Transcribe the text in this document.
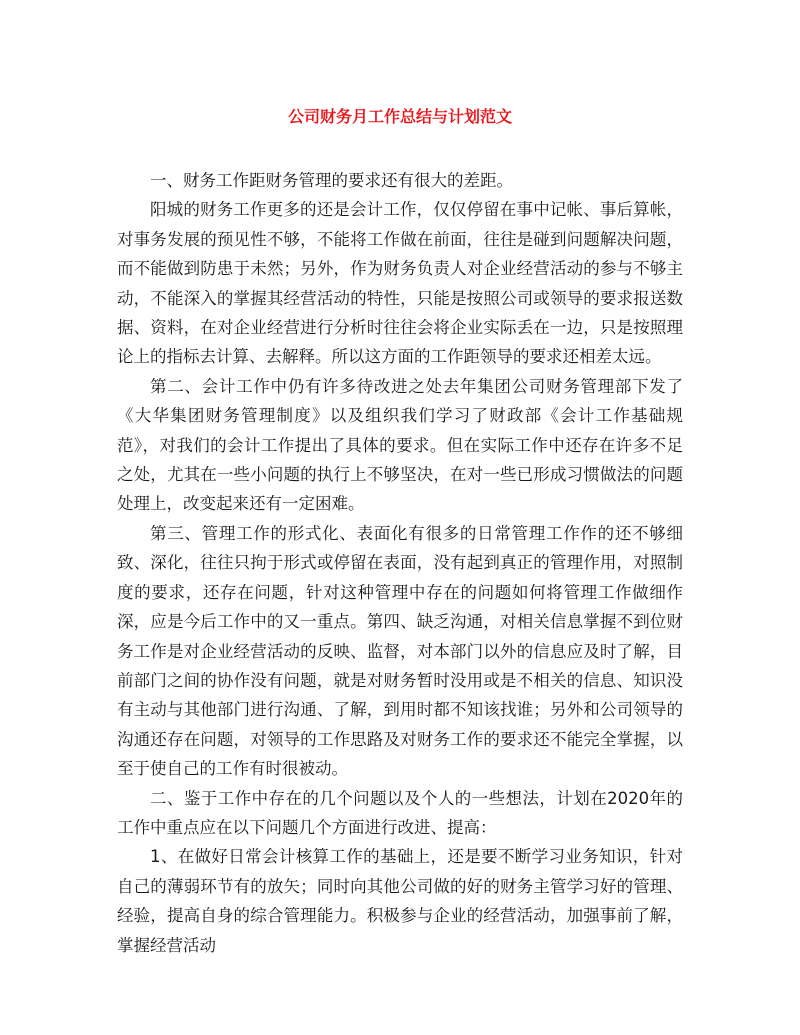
公司财务月工作总结与计划范文

一、财务工作距财务管理的要求还有很大的差距。

阳城的财务工作更多的还是会计工作，仅仅停留在事中记帐、事后算帐，对事务发展的预见性不够，不能将工作做在前面，往往是碰到问题解决问题，而不能做到防患于未然；另外，作为财务负责人对企业经营活动的参与不够主动，不能深入的掌握其经营活动的特性，只能是按照公司或领导的要求报送数据、资料，在对企业经营进行分析时往往会将企业实际丢在一边，只是按照理论上的指标去计算、去解释。所以这方面的工作距领导的要求还相差太远。

第二、会计工作中仍有许多待改进之处去年集团公司财务管理部下发了《大华集团财务管理制度》以及组织我们学习了财政部《会计工作基础规范》，对我们的会计工作提出了具体的要求。但在实际工作中还存在许多不足之处，尤其在一些小问题的执行上不够坚决，在对一些已形成习惯做法的问题处理上，改变起来还有一定困难。

第三、管理工作的形式化、表面化有很多的日常管理工作作的还不够细致、深化，往往只拘于形式或停留在表面，没有起到真正的管理作用，对照制度的要求，还存在问题，针对这种管理中存在的问题如何将管理工作做细作深，应是今后工作中的又一重点。第四、缺乏沟通，对相关信息掌握不到位财务工作是对企业经营活动的反映、监督，对本部门以外的信息应及时了解，目前部门之间的协作没有问题，就是对财务暂时没用或是不相关的信息、知识没有主动与其他部门进行沟通、了解，到用时都不知该找谁；另外和公司领导的沟通还存在问题，对领导的工作思路及对财务工作的要求还不能完全掌握，以至于使自己的工作有时很被动。

二、鉴于工作中存在的几个问题以及个人的一些想法，计划在2020年的工作中重点应在以下问题几个方面进行改进、提高：

1、在做好日常会计核算工作的基础上，还是要不断学习业务知识，针对自己的薄弱环节有的放矢；同时向其他公司做的好的财务主管学习好的管理、经验，提高自身的综合管理能力。积极参与企业的经营活动，加强事前了解，掌握经营活动
